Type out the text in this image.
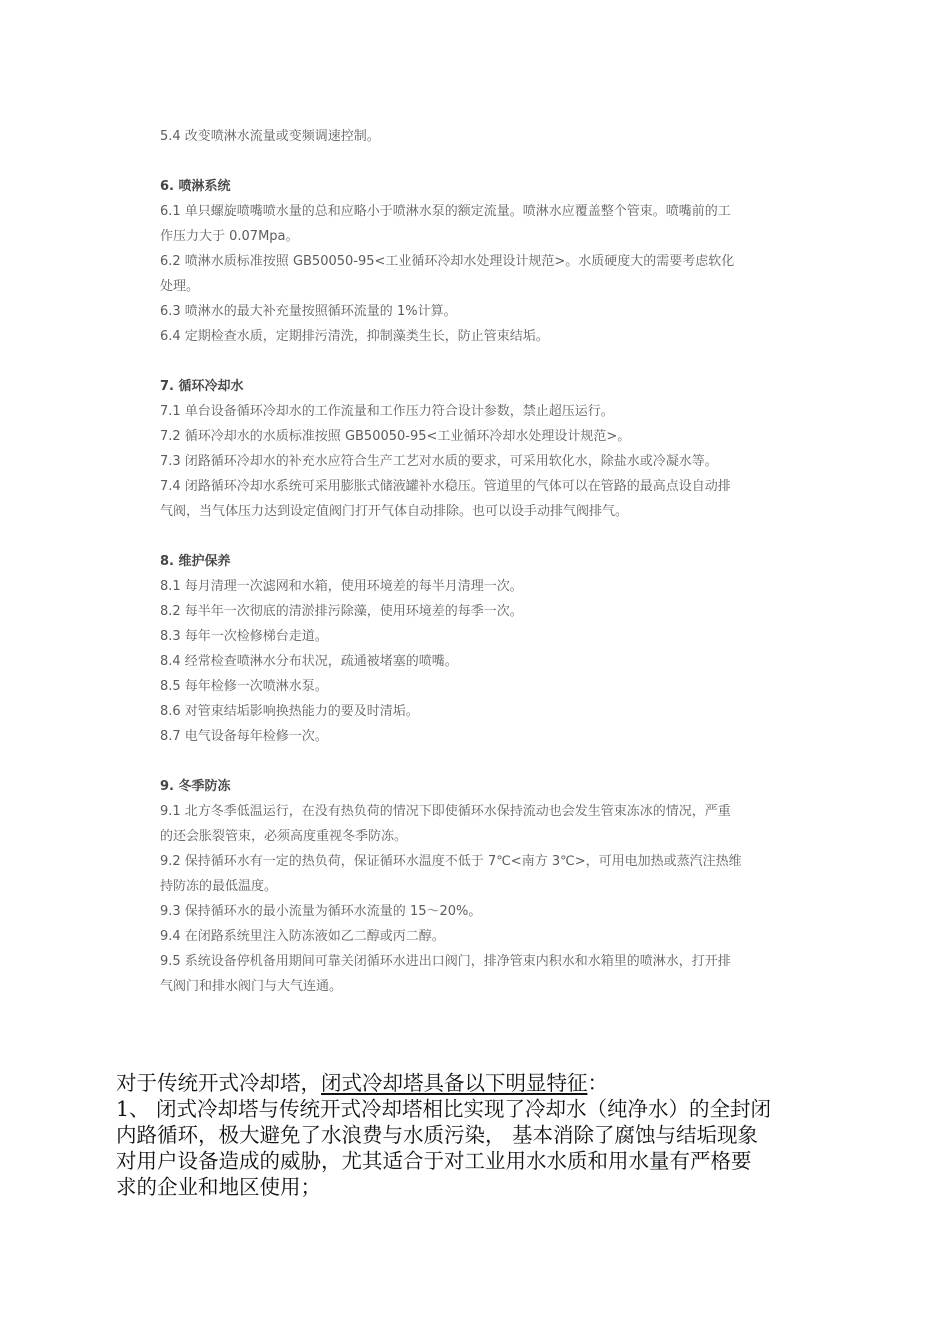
5.4 改变喷淋水流量或变频调速控制。

6. 喷淋系统

6.1 单只螺旋喷嘴喷水量的总和应略小于喷淋水泵的额定流量。喷淋水应覆盖整个管束。喷嘴前的工

作压力大于 0.07Mpa。

6.2 喷淋水质标准按照 GB50050-95<工业循环冷却水处理设计规范>。水质硬度大的需要考虑软化

处理。

6.3 喷淋水的最大补充量按照循环流量的 1%计算。

6.4 定期检查水质，定期排污清洗，抑制藻类生长，防止管束结垢。

7. 循环冷却水

7.1 单台设备循环冷却水的工作流量和工作压力符合设计参数，禁止超压运行。

7.2 循环冷却水的水质标准按照 GB50050-95<工业循环冷却水处理设计规范>。

7.3 闭路循环冷却水的补充水应符合生产工艺对水质的要求，可采用软化水，除盐水或冷凝水等。

7.4 闭路循环冷却水系统可采用膨胀式储液罐补水稳压。管道里的气体可以在管路的最高点设自动排

气阀，当气体压力达到设定值阀门打开气体自动排除。也可以设手动排气阀排气。

8. 维护保养

8.1 每月清理一次滤网和水箱，使用环境差的每半月清理一次。

8.2 每半年一次彻底的清淤排污除藻，使用环境差的每季一次。

8.3 每年一次检修梯台走道。

8.4 经常检查喷淋水分布状况，疏通被堵塞的喷嘴。

8.5 每年检修一次喷淋水泵。

8.6 对管束结垢影响换热能力的要及时清垢。

8.7 电气设备每年检修一次。

9. 冬季防冻

9.1 北方冬季低温运行，在没有热负荷的情况下即使循环水保持流动也会发生管束冻冰的情况，严重

的还会胀裂管束，必须高度重视冬季防冻。

9.2 保持循环水有一定的热负荷，保证循环水温度不低于 7℃<南方 3℃>，可用电加热或蒸汽注热维

持防冻的最低温度。

9.3 保持循环水的最小流量为循环水流量的 15～20%。

9.4 在闭路系统里注入防冻液如乙二醇或丙二醇。

9.5 系统设备停机备用期间可靠关闭循环水进出口阀门，排净管束内积水和水箱里的喷淋水，打开排

气阀门和排水阀门与大气连通。

对于传统开式冷却塔，闭式冷却塔具备以下明显特征：

1、 闭式冷却塔与传统开式冷却塔相比实现了冷却水（纯净水）的全封闭

内路循环，极大避免了水浪费与水质污染， 基本消除了腐蚀与结垢现象

对用户设备造成的威胁，尤其适合于对工业用水水质和用水量有严格要

求的企业和地区使用；
